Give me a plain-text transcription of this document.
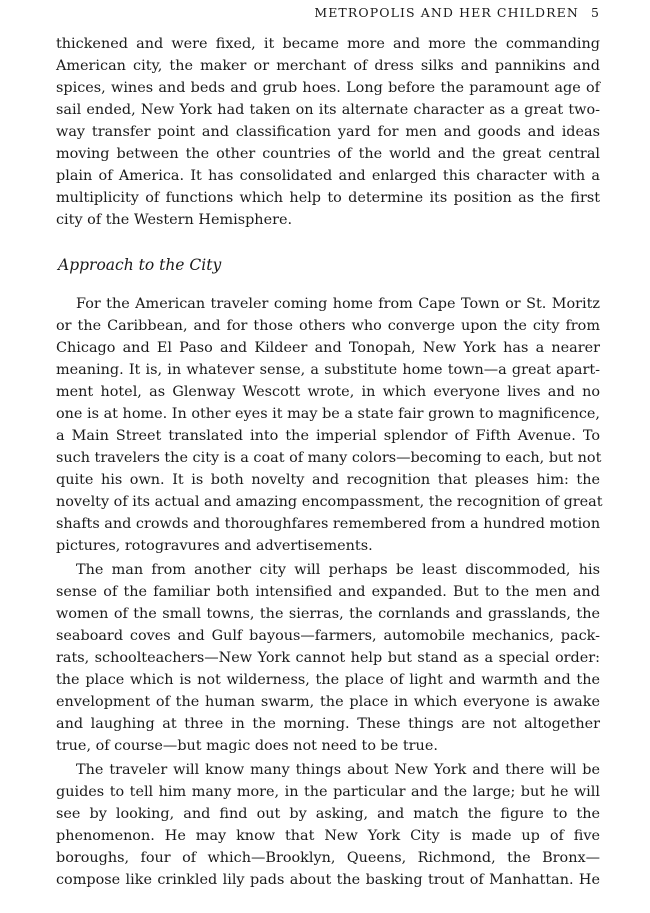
METROPOLIS AND HER CHILDREN 5
thickened and were fixed, it became more and more the commanding
American city, the maker or merchant of dress silks and pannikins and
spices, wines and beds and grub hoes. Long before the paramount age of
sail ended, New York had taken on its alternate character as a great two-
way transfer point and classification yard for men and goods and ideas
moving between the other countries of the world and the great central
plain of America. It has consolidated and enlarged this character with a
multiplicity of functions which help to determine its position as the first
city of the Western Hemisphere.
Approach to the City
For the American traveler coming home from Cape Town or St. Moritz
or the Caribbean, and for those others who converge upon the city from
Chicago and El Paso and Kildeer and Tonopah, New York has a nearer
meaning. It is, in whatever sense, a substitute home town—a great apart-
ment hotel, as Glenway Wescott wrote, in which everyone lives and no
one is at home. In other eyes it may be a state fair grown to magnificence,
a Main Street translated into the imperial splendor of Fifth Avenue. To
such travelers the city is a coat of many colors—becoming to each, but not
quite his own. It is both novelty and recognition that pleases him: the
novelty of its actual and amazing encompassment, the recognition of great
shafts and crowds and thoroughfares remembered from a hundred motion
pictures, rotogravures and advertisements.
The man from another city will perhaps be least discommoded, his
sense of the familiar both intensified and expanded. But to the men and
women of the small towns, the sierras, the cornlands and grasslands, the
seaboard coves and Gulf bayous—farmers, automobile mechanics, pack-
rats, schoolteachers—New York cannot help but stand as a special order:
the place which is not wilderness, the place of light and warmth and the
envelopment of the human swarm, the place in which everyone is awake
and laughing at three in the morning. These things are not altogether
true, of course—but magic does not need to be true.
The traveler will know many things about New York and there will be
guides to tell him many more, in the particular and the large; but he will
see by looking, and find out by asking, and match the figure to the
phenomenon. He may know that New York City is made up of five
boroughs, four of which—Brooklyn, Queens, Richmond, the Bronx—
compose like crinkled lily pads about the basking trout of Manhattan. He
